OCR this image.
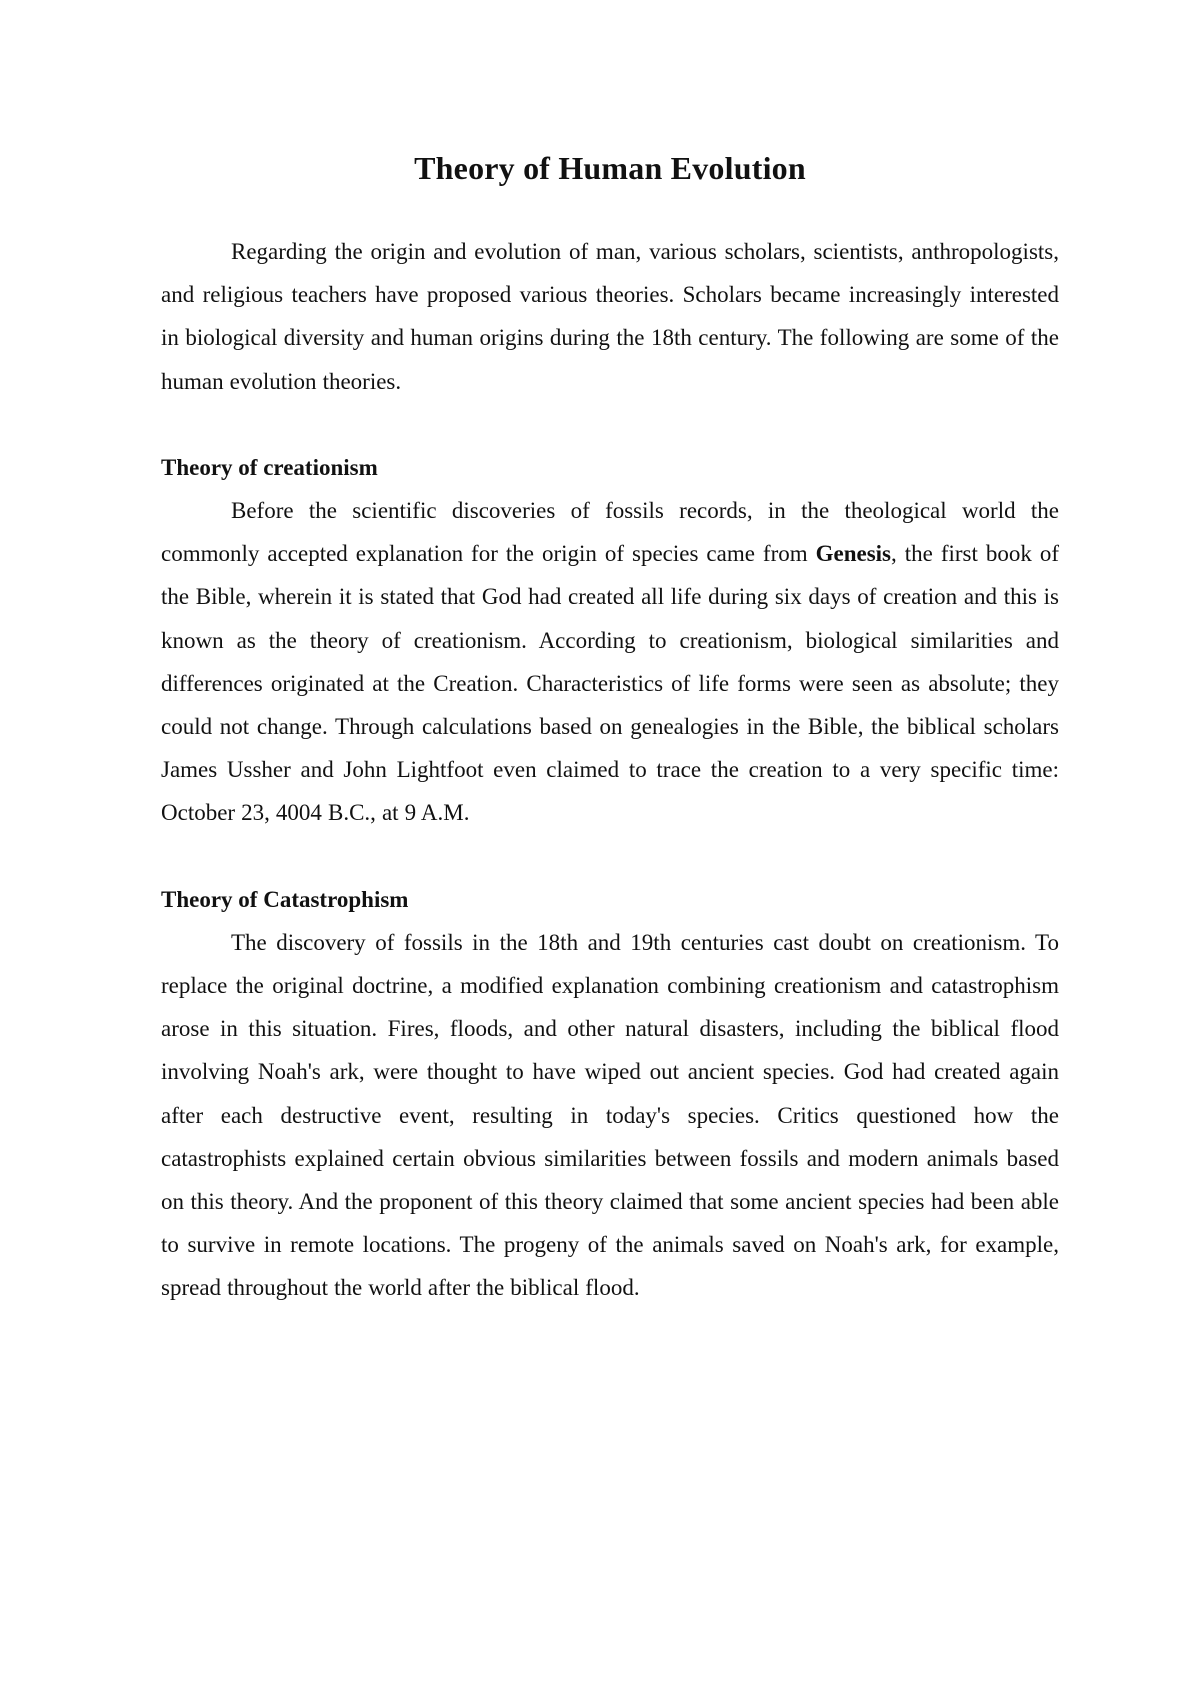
Theory of Human Evolution

Regarding the origin and evolution of man, various scholars, scientists, anthropologists, and religious teachers have proposed various theories. Scholars became increasingly interested in biological diversity and human origins during the 18th century. The following are some of the human evolution theories.

Theory of creationism

Before the scientific discoveries of fossils records, in the theological world the commonly accepted explanation for the origin of species came from Genesis, the first book of the Bible, wherein it is stated that God had created all life during six days of creation and this is known as the theory of creationism. According to creationism, biological similarities and differences originated at the Creation. Characteristics of life forms were seen as absolute; they could not change. Through calculations based on genealogies in the Bible, the biblical scholars James Ussher and John Lightfoot even claimed to trace the creation to a very specific time: October 23, 4004 B.C., at 9 A.M.

Theory of Catastrophism

The discovery of fossils in the 18th and 19th centuries cast doubt on creationism. To replace the original doctrine, a modified explanation combining creationism and catastrophism arose in this situation. Fires, floods, and other natural disasters, including the biblical flood involving Noah's ark, were thought to have wiped out ancient species. God had created again after each destructive event, resulting in today's species. Critics questioned how the catastrophists explained certain obvious similarities between fossils and modern animals based on this theory. And the proponent of this theory claimed that some ancient species had been able to survive in remote locations. The progeny of the animals saved on Noah's ark, for example, spread throughout the world after the biblical flood.
